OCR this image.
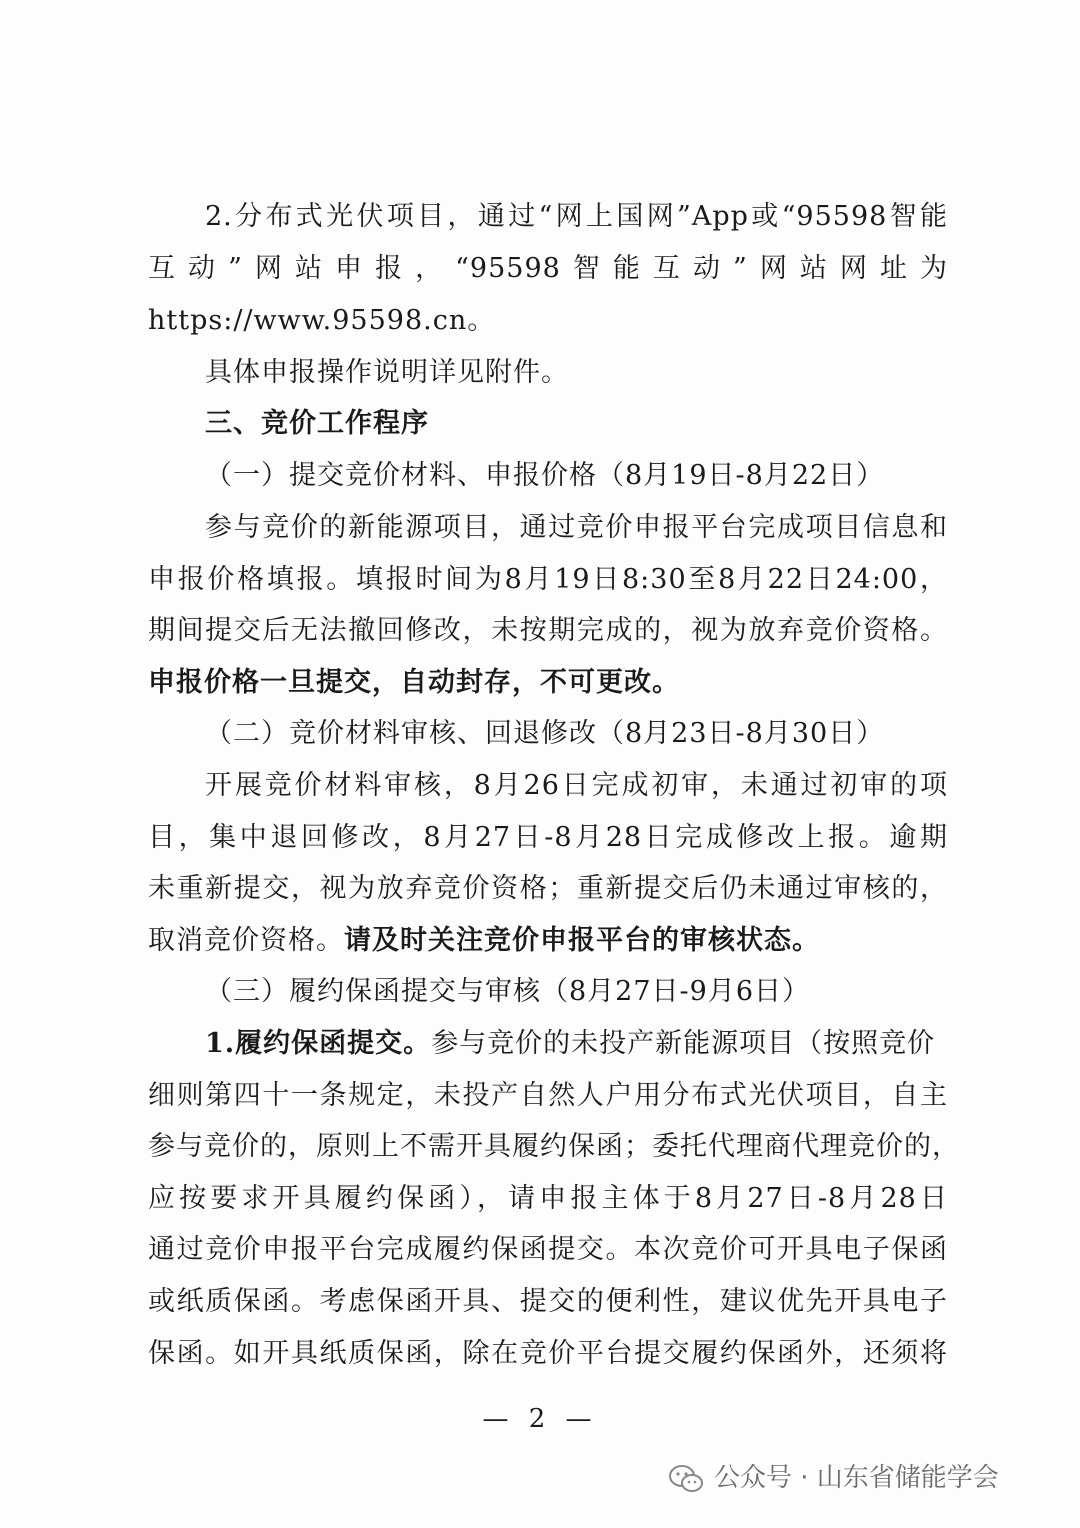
2.分布式光伏项目，通过“网上国网”App或“95598智能
互动”网站申报，“95598智能互动”网站网址为
https://www.95598.cn。
具体申报操作说明详见附件。
三、竞价工作程序
（一）提交竞价材料、申报价格（8月19日-8月22日）
参与竞价的新能源项目，通过竞价申报平台完成项目信息和
申报价格填报。填报时间为8月19日8:30至8月22日24:00，
期间提交后无法撤回修改，未按期完成的，视为放弃竞价资格。
申报价格一旦提交，自动封存，不可更改。
（二）竞价材料审核、回退修改（8月23日-8月30日）
开展竞价材料审核，8月26日完成初审，未通过初审的项
目，集中退回修改，8月27日-8月28日完成修改上报。逾期
未重新提交，视为放弃竞价资格；重新提交后仍未通过审核的，
取消竞价资格。请及时关注竞价申报平台的审核状态。
（三）履约保函提交与审核（8月27日-9月6日）
1.履约保函提交。参与竞价的未投产新能源项目（按照竞价
细则第四十一条规定，未投产自然人户用分布式光伏项目，自主
参与竞价的，原则上不需开具履约保函；委托代理商代理竞价的，
应按要求开具履约保函），请申报主体于8月27日-8月28日
通过竞价申报平台完成履约保函提交。本次竞价可开具电子保函
或纸质保函。考虑保函开具、提交的便利性，建议优先开具电子
保函。如开具纸质保函，除在竞价平台提交履约保函外，还须将
— 2 —
公众号 · 山东省储能学会
